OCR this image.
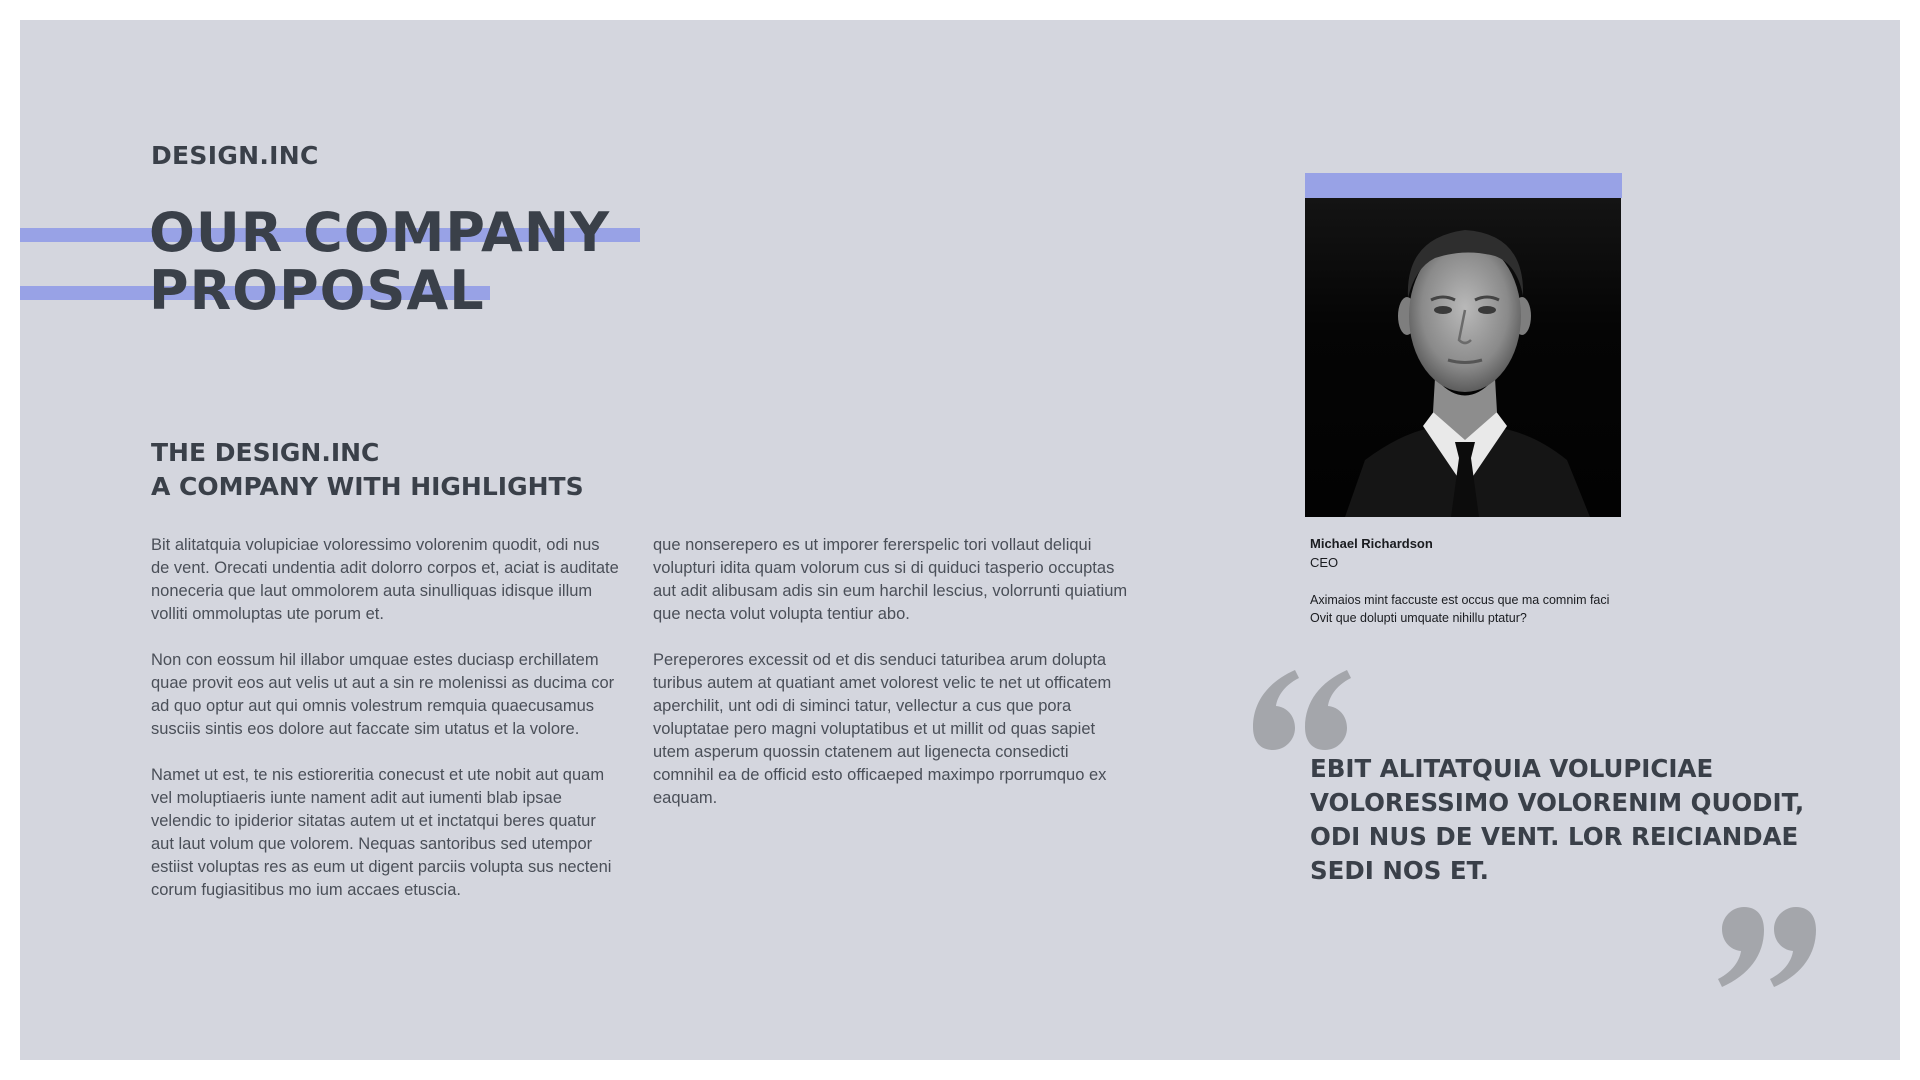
DESIGN.INC
OUR COMPANY
PROPOSAL
THE DESIGN.INC
A COMPANY WITH HIGHLIGHTS

Bit alitatquia volupiciae voloressimo volorenim quodit, odi nus de vent. Orecati undentia adit dolorro corpos et, aciat is auditate noneceria que laut ommolorem auta sinulliquas idisque illum volliti ommoluptas ute porum et.

Non con eossum hil illabor umquae estes duciasp erchillatem quae provit eos aut velis ut aut a sin re molenissi as ducima cor ad quo optur aut qui omnis volestrum remquia quaecusamus susciis sintis eos dolore aut faccate sim utatus et la volore.

Namet ut est, te nis estioreritia conecust et ute nobit aut quam vel moluptiaeris iunte nament adit aut iumenti blab ipsae velendic to ipiderior sitatas autem ut et inctatqui beres quatur aut laut volum que volorem. Nequas santoribus sed utempor estiist voluptas res as eum ut digent parciis volupta sus necteni corum fugiasitibus mo ium accaes etuscia.

que nonserepero es ut imporer fererspelic tori vollaut deliqui volupturi idita quam volorum cus si di quiduci tasperio occuptas aut adit alibusam adis sin eum harchil lescius, volorrunti quiatium que necta volut volupta tentiur abo.

Pereperores excessit od et dis senduci taturibea arum dolupta turibus autem at quatiant amet volorest velic te net ut officatem aperchilit, unt odi di siminci tatur, vellectur a cus que pora voluptatae pero magni voluptatibus et ut millit od quas sapiet utem asperum quossin ctatenem aut ligenecta consedicti comnihil ea de officid esto officaeped maximpo rporrumquo ex eaquam.

Michael Richardson
CEO
Aximaios mint faccuste est occus que ma comnim faci Ovit que dolupti umquate nihillu ptatur?

EBIT ALITATQUIA VOLUPICIAE VOLORESSIMO VOLORENIM QUODIT, ODI NUS DE VENT. LOR REICIANDAE SEDI NOS ET.
